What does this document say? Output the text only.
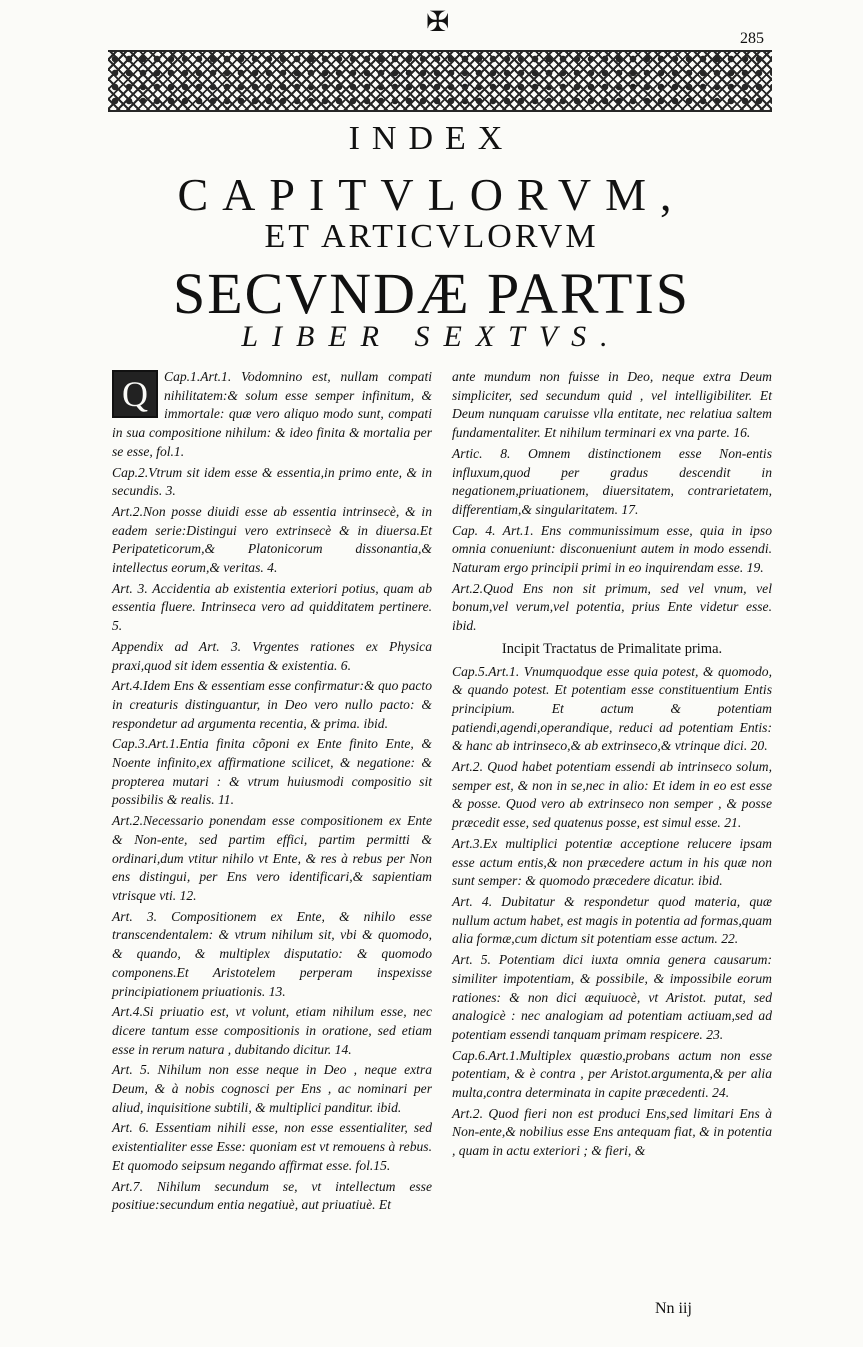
✠
285
INDEX
CAPITVLORVM,
ET ARTICVLORVM
SECVNDÆ PARTIS
LIBER SEXTVS.
Q	Cap.1.Art.1. Vodomnino est, nullam compati nihilitatem:& solum esse semper infinitum, & immortale: quæ vero aliquo modo sunt, compati in sua compositione nihilum: & ideo finita & mortalia per se esse, fol.1.

Cap.2.Vtrum sit idem esse & essentia,in primo ente, & in secundis. 3.

Art.2.Non posse diuidi esse ab essentia intrinsecè, & in eadem serie:Distingui vero extrinsecè & in diuersa.Et Peripateticorum,& Platonicorum dissonantia,& intellectus eorum,& veritas. 4.

Art. 3. Accidentia ab existentia exteriori potius, quam ab essentia fluere. Intrinseca vero ad quidditatem pertinere. 5.

Appendix ad Art. 3. Vrgentes rationes ex Physica praxi,quod sit idem essentia & existentia. 6.

Art.4.Idem Ens & essentiam esse confirmatur:& quo pacto in creaturis distinguantur, in Deo vero nullo pacto: & respondetur ad argumenta recentia, & prima. ibid.

Cap.3.Art.1.Entia finita cõponi ex Ente finito Ente, & Noente infinito,ex affirmatione scilicet, & negatione: & propterea mutari : & vtrum huiusmodi compositio sit possibilis & realis. 11.

Art.2.Necessario ponendam esse compositionem ex Ente & Non-ente, sed partim effici, partim permitti & ordinari,dum vtitur nihilo vt Ente, & res à rebus per Non ens distingui, per Ens vero identificari,& sapientiam vtrisque vti. 12.

Art. 3. Compositionem ex Ente, & nihilo esse transcendentalem: & vtrum nihilum sit, vbi & quomodo, & quando, & multiplex disputatio: & quomodo componens.Et Aristotelem perperam inspexisse principiationem priuationis. 13.

Art.4.Si priuatio est, vt volunt, etiam nihilum esse, nec dicere tantum esse compositionis in oratione, sed etiam esse in rerum natura , dubitando dicitur. 14.

Art. 5. Nihilum non esse neque in Deo , neque extra Deum, & à nobis cognosci per Ens , ac nominari per aliud, inquisitione subtili, & multiplici panditur. ibid.

Art. 6. Essentiam nihili esse, non esse essentialiter, sed existentialiter esse Esse: quoniam est vt remouens à rebus. Et quomodo seipsum negando affirmat esse. fol.15.

Art.7. Nihilum secundum se, vt intellectum esse positiue:secundum entia negatiuè, aut priuatiuè. Et

ante mundum non fuisse in Deo, neque extra Deum simpliciter, sed secundum quid , vel intelligibiliter. Et Deum nunquam caruisse vlla entitate, nec relatiua saltem fundamentaliter. Et nihilum terminari ex vna parte. 16.

Artic. 8. Omnem distinctionem esse Non-entis influxum,quod per gradus descendit in negationem,priuationem, diuersitatem, contrarietatem, differentiam,& singularitatem. 17.

Cap. 4. Art.1. Ens communissimum esse, quia in ipso omnia conueniunt: disconueniunt autem in modo essendi. Naturam ergo principii primi in eo inquirendam esse. 19.

Art.2.Quod Ens non sit primum, sed vel vnum, vel bonum,vel verum,vel potentia, prius Ente videtur esse. ibid.

Incipit Tractatus de Primalitate prima.

Cap.5.Art.1. Vnumquodque esse quia potest, & quomodo, & quando potest. Et potentiam esse constituentium Entis principium. Et actum & potentiam patiendi,agendi,operandique, reduci ad potentiam Entis: & hanc ab intrinseco,& ab extrinseco,& vtrinque dici. 20.

Art.2. Quod habet potentiam essendi ab intrinseco solum, semper est, & non in se,nec in alio: Et idem in eo est esse & posse. Quod vero ab extrinseco non semper , & posse præcedit esse, sed quatenus posse, est simul esse. 21.

Art.3.Ex multiplici potentiæ acceptione relucere ipsam esse actum entis,& non præcedere actum in his quæ non sunt semper: & quomodo præcedere dicatur. ibid.

Art. 4. Dubitatur & respondetur quod materia, quæ nullum actum habet, est magis in potentia ad formas,quam alia formæ,cum dictum sit potentiam esse actum. 22.

Art. 5. Potentiam dici iuxta omnia genera causarum: similiter impotentiam, & possibile, & impossibile eorum rationes: & non dici æquiuocè, vt Aristot. putat, sed analogicè : nec analogiam ad potentiam actiuam,sed ad potentiam essendi tanquam primam respicere. 23.

Cap.6.Art.1.Multiplex quæstio,probans actum non esse potentiam, & è contra , per Aristot.argumenta,& per alia multa,contra determinata in capite præcedenti. 24.

Art.2. Quod fieri non est produci Ens,sed limitari Ens à Non-ente,& nobilius esse Ens antequam fiat, & in potentia , quam in actu exteriori ; & fieri, &

Nn iij
